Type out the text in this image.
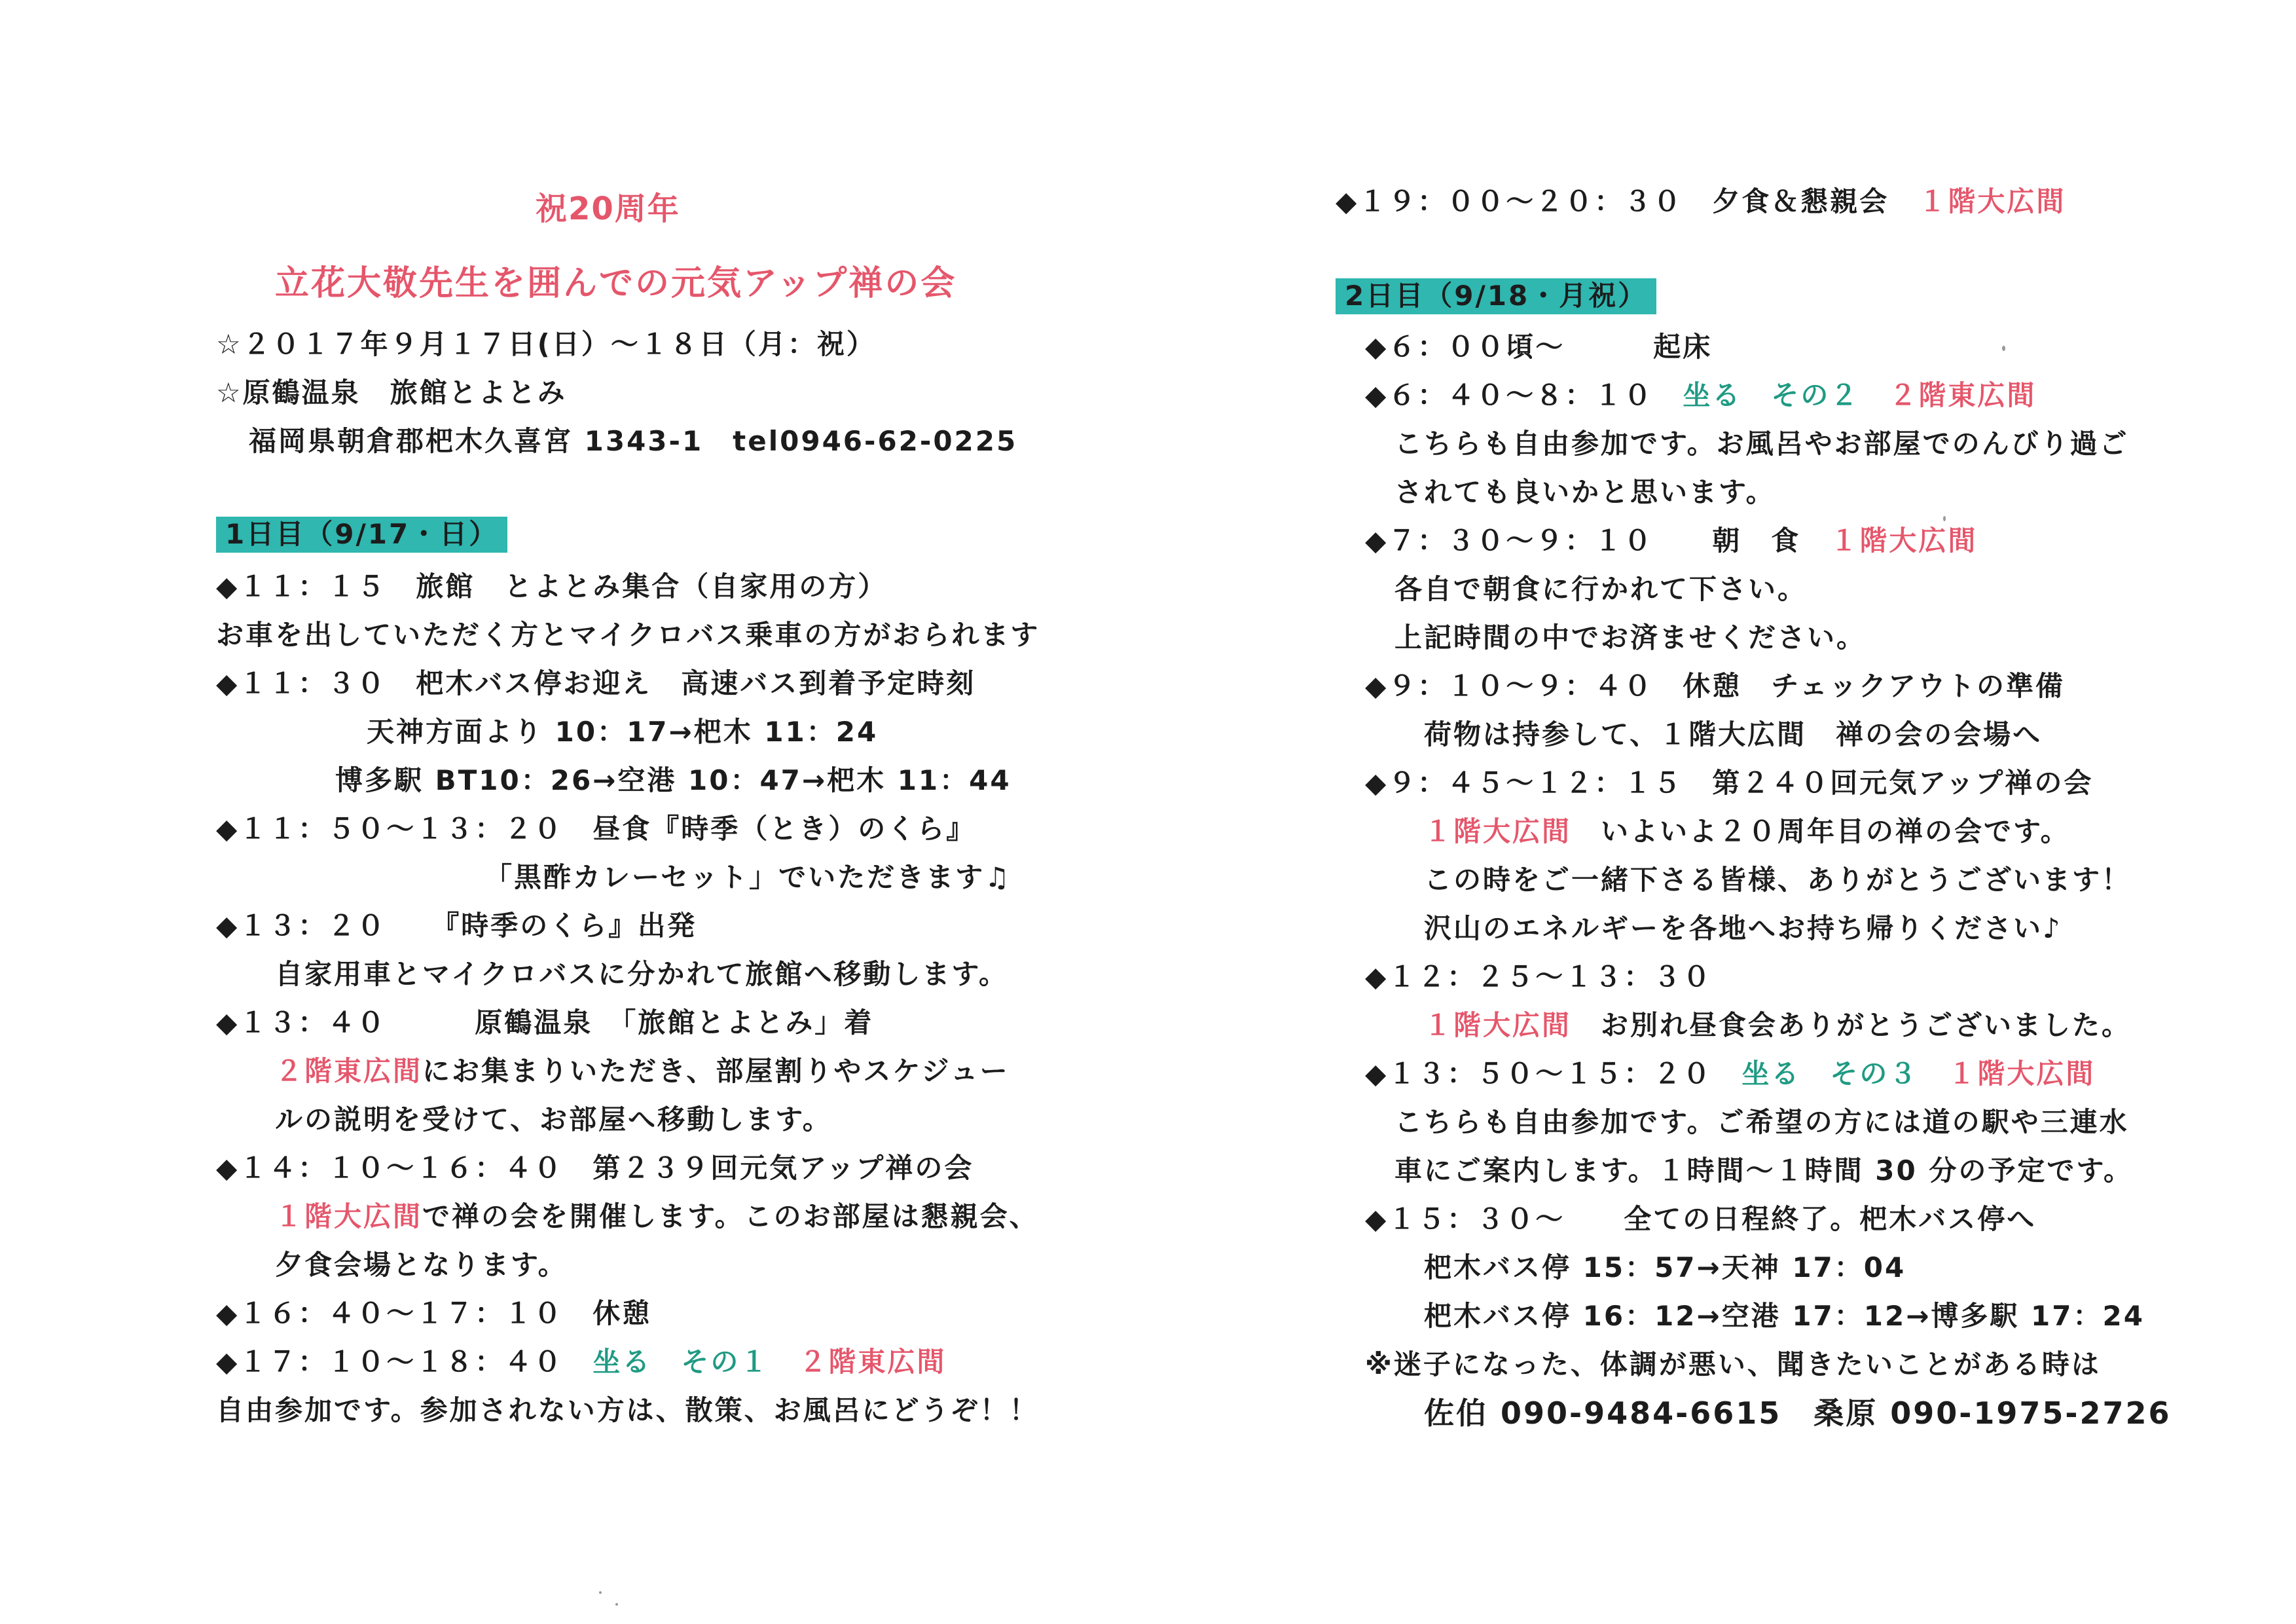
祝20周年
立花大敬先生を囲んでの元気アップ禅の会
☆２０１７年９月１７日(日）～１８日（月：祝）
☆原鶴温泉　旅館とよとみ
福岡県朝倉郡杷木久喜宮 1343-1　tel0946-62-0225
1日目（9/17・日）
◆１１：１５　旅館　とよとみ集合（自家用の方）
お車を出していただく方とマイクロバス乗車の方がおられます
◆１１：３０　杷木バス停お迎え　高速バス到着予定時刻
天神方面より 10：17→杷木 11：24
博多駅 BT10：26→空港 10：47→杷木 11：44
◆１１：５０～１３：２０　昼食『時季（とき）のくら』
「黒酢カレーセット」でいただきます♫
◆１３：２０　　『時季のくら』出発
自家用車とマイクロバスに分かれて旅館へ移動します。
◆１３：４０　　　原鶴温泉　「旅館とよとみ」着
２階東広間にお集まりいただき、部屋割りやスケジュー
ルの説明を受けて、お部屋へ移動します。
◆１４：１０～１６：４０　第２３９回元気アップ禅の会
１階大広間で禅の会を開催します。このお部屋は懇親会、
夕食会場となります。
◆１６：４０～１７：１０　休憩
◆１７：１０～１８：４０　坐る　その１　 ２階東広間
自由参加です。参加されない方は、散策、お風呂にどうぞ！！
◆１９：００～２０：３０　夕食＆懇親会　１階大広間
2日目（9/18・月祝）
◆６：００頃～　　　起床
◆６：４０～８：１０　坐る　その２　 ２階東広間
こちらも自由参加です。お風呂やお部屋でのんびり過ご
されても良いかと思います。
◆７：３０～９：１０　　朝　食　１階大広間
各自で朝食に行かれて下さい。
上記時間の中でお済ませください。
◆９：１０～９：４０　休憩　チェックアウトの準備
荷物は持参して、１階大広間　禅の会の会場へ
◆９：４５～１２：１５　第２４０回元気アップ禅の会
１階大広間　いよいよ２０周年目の禅の会です。
この時をご一緒下さる皆様、ありがとうございます！
沢山のエネルギーを各地へお持ち帰りください♪
◆１２：２５～１３：３０
１階大広間　お別れ昼食会ありがとうございました。
◆１３：５０～１５：２０　坐る　その３　 １階大広間
こちらも自由参加です。ご希望の方には道の駅や三連水
車にご案内します。１時間～１時間 30 分の予定です。
◆１５：３０～　　全ての日程終了。杷木バス停へ
杷木バス停 15：57→天神 17：04
杷木バス停 16：12→空港 17：12→博多駅 17：24
※迷子になった、体調が悪い、聞きたいことがある時は
佐伯 090-9484-6615　桑原 090-1975-2726
